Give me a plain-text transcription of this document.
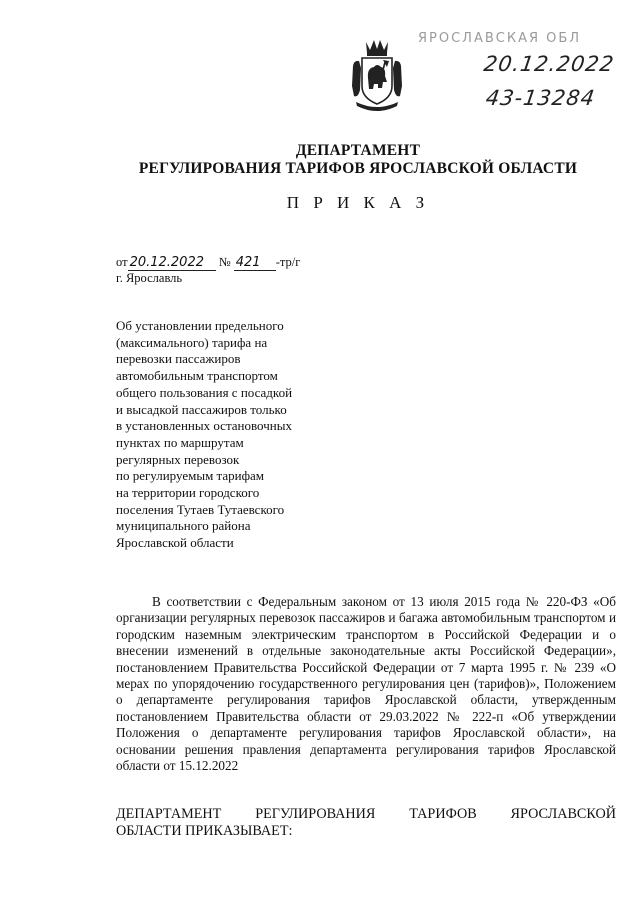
ЯРОСЛАВСКАЯ ОБЛ
20.12.2022
43-13284
ДЕПАРТАМЕНТ
РЕГУЛИРОВАНИЯ ТАРИФОВ ЯРОСЛАВСКОЙ ОБЛАСТИ
П Р И К А З
от 20.12.2022 № 421 -тр/г
г. Ярославль
Об установлении предельного
(максимального) тарифа на
перевозки пассажиров
автомобильным транспортом
общего пользования с посадкой
и высадкой пассажиров только
в установленных остановочных
пунктах по маршрутам
регулярных перевозок
по регулируемым тарифам
на территории городского
поселения Тутаев Тутаевского
муниципального района
Ярославской области
В соответствии с Федеральным законом от 13 июля 2015 года № 220-ФЗ «Об организации регулярных перевозок пассажиров и багажа автомобильным транспортом и городским наземным электрическим транспортом в Российской Федерации и о внесении изменений в отдельные законодательные акты Российской Федерации», постановлением Правительства Российской Федерации от 7 марта 1995 г. № 239 «О мерах по упорядочению государственного регулирования цен (тарифов)», Положением о департаменте регулирования тарифов Ярославской области, утвержденным постановлением Правительства области от 29.03.2022 № 222-п «Об утверждении Положения о департаменте регулирования тарифов Ярославской области», на основании решения правления департамента регулирования тарифов Ярославской области от 15.12.2022
ДЕПАРТАМЕНТ РЕГУЛИРОВАНИЯ ТАРИФОВ ЯРОСЛАВСКОЙ
ОБЛАСТИ ПРИКАЗЫВАЕТ:
